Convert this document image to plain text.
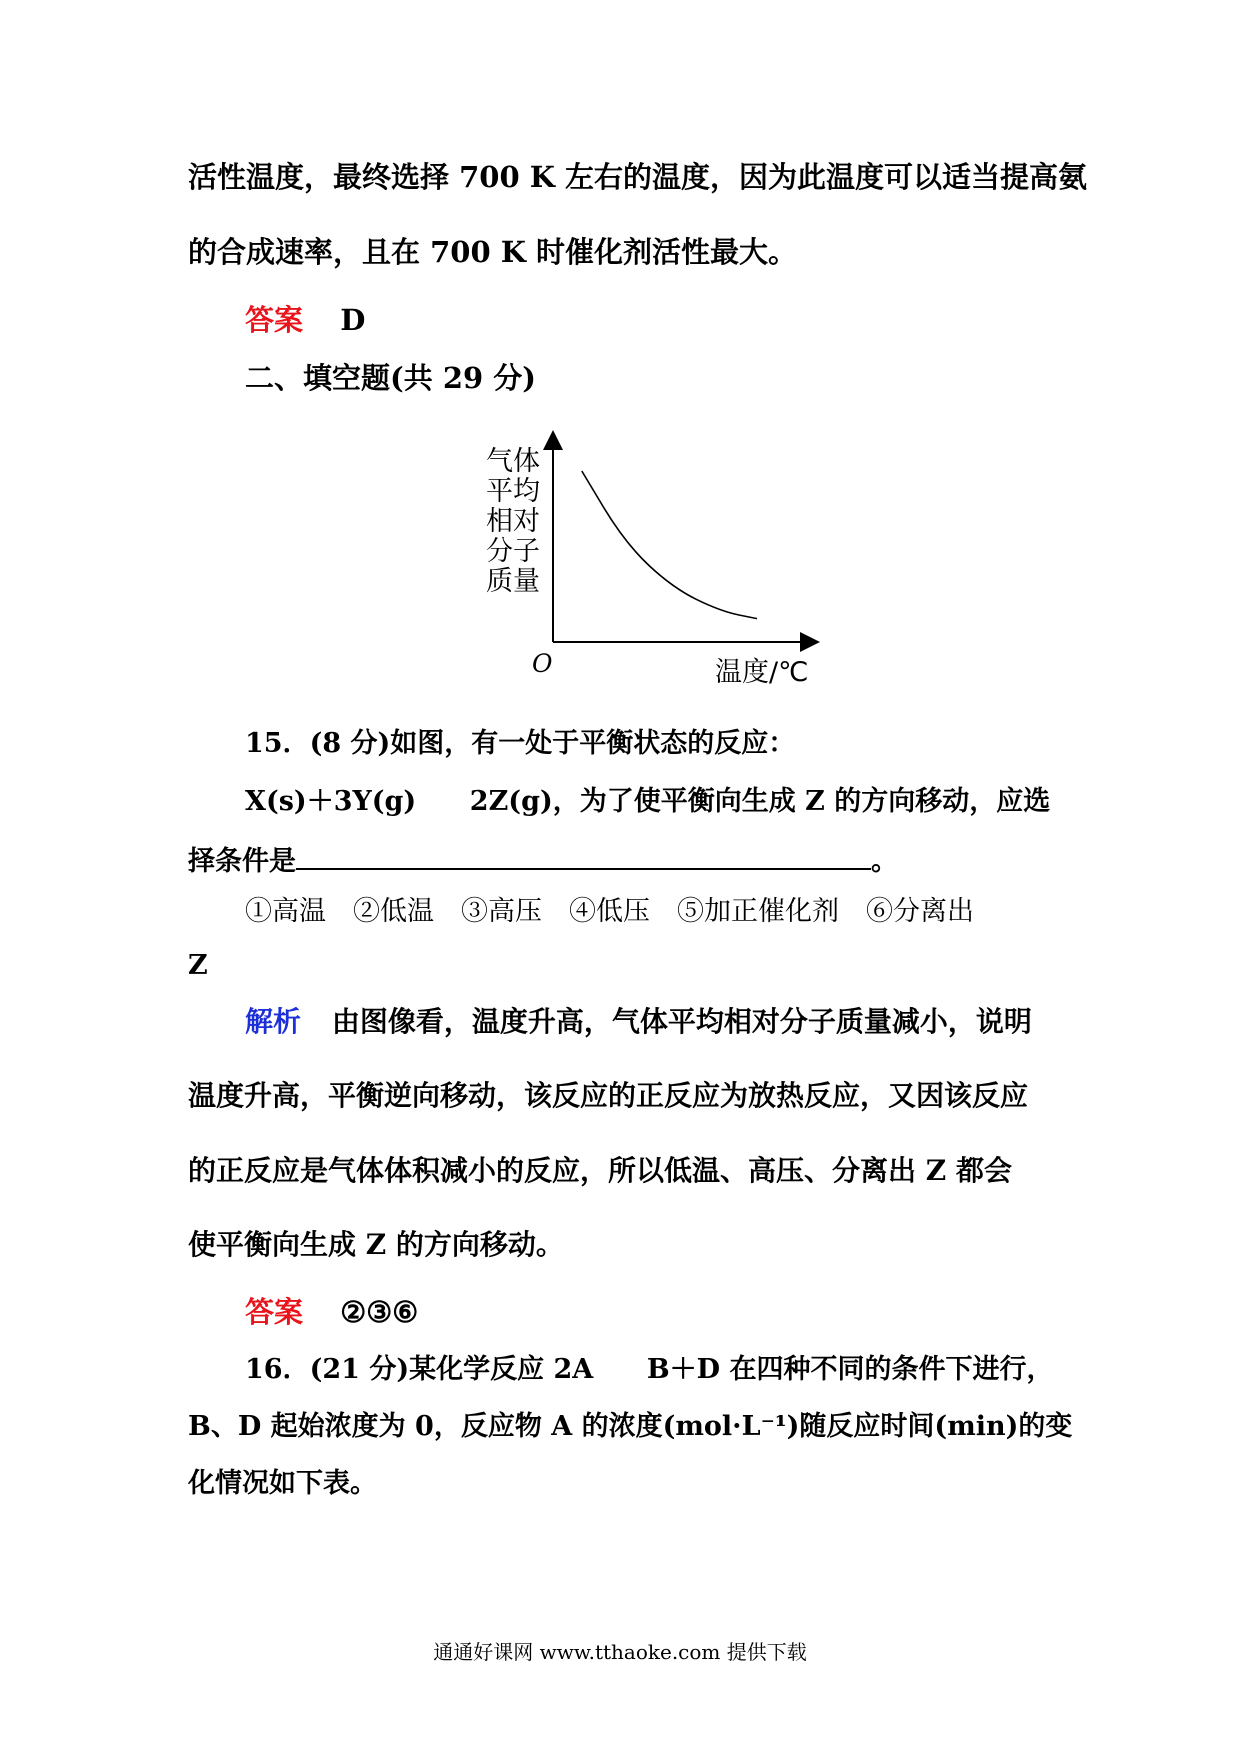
活性温度，最终选择 700 K 左右的温度，因为此温度可以适当提高氨
的合成速率，且在 700 K 时催化剂活性最大。
答案 D
二、填空题(共 29 分)
气体
平均
相对
分子
质量
O	温度/℃
15．(8 分)如图，有一处于平衡状态的反应：
X(s)＋3Y(g) 2Z(g)，为了使平衡向生成 Z 的方向移动，应选
择条件是	。
①高温　②低温　③高压　④低压　⑤加正催化剂　⑥分离出
Z
解析 由图像看，温度升高，气体平均相对分子质量减小，说明
温度升高，平衡逆向移动，该反应的正反应为放热反应，又因该反应
的正反应是气体体积减小的反应，所以低温、高压、分离出 Z 都会
使平衡向生成 Z 的方向移动。
答案 ②③⑥
16．(21 分)某化学反应 2A B＋D 在四种不同的条件下进行，
B、D 起始浓度为 0，反应物 A 的浓度(mol·L⁻¹)随反应时间(min)的变
化情况如下表。
通通好课网 www.tthaoke.com 提供下载
